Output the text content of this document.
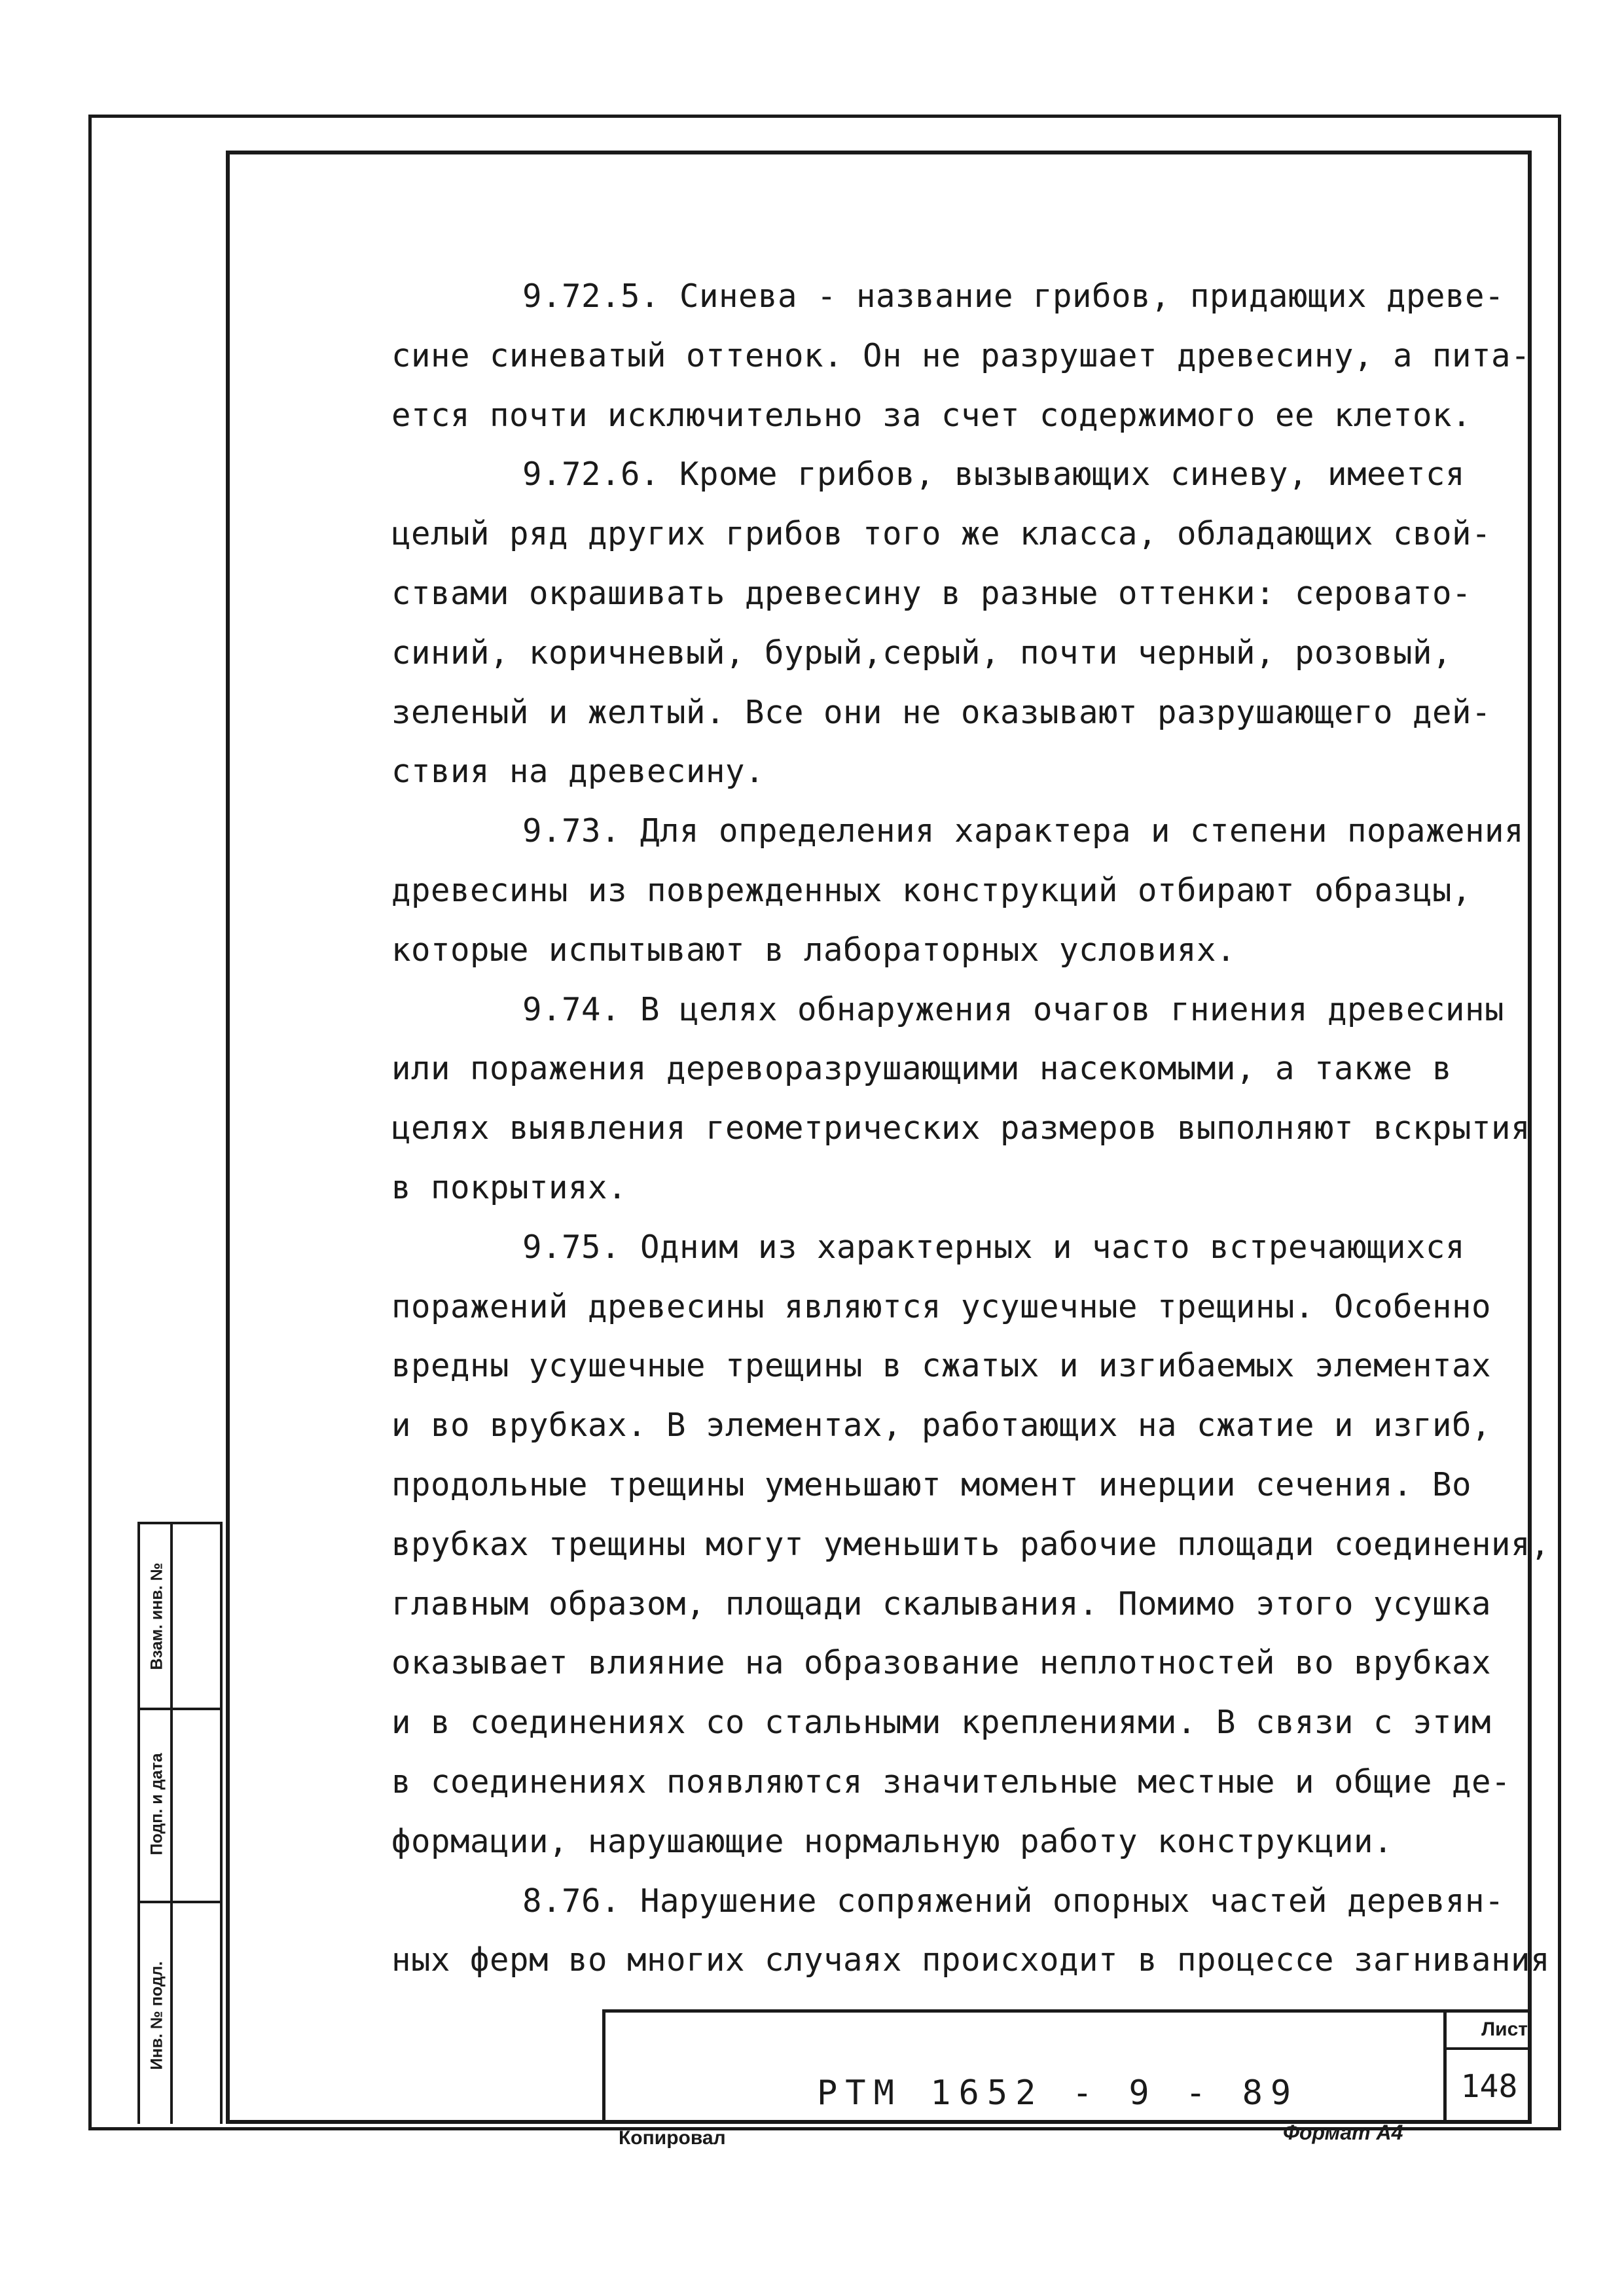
9.72.5. Синева - название грибов, придающих древе-
сине синеватый оттенок. Он не разрушает древесину, а пита-
ется почти исключительно за счет содержимого ее клеток.
9.72.6. Кроме грибов, вызывающих синеву, имеется
целый ряд других грибов того же класса, обладающих свой-
ствами окрашивать древесину в разные оттенки: серовато-
синий, коричневый, бурый,серый, почти черный, розовый,
зеленый и желтый. Все они не оказывают разрушающего дей-
ствия на древесину.
9.73. Для определения характера и степени поражения
древесины из поврежденных конструкций отбирают образцы,
которые испытывают в лабораторных условиях.
9.74. В целях обнаружения очагов гниения древесины
или поражения дереворазрушающими насекомыми, а также в
целях выявления геометрических размеров выполняют вскрытия
в покрытиях.
9.75. Одним из характерных и часто встречающихся
поражений древесины являются усушечные трещины. Особенно
вредны усушечные трещины в сжатых и изгибаемых элементах
и во врубках. В элементах, работающих на сжатие и изгиб,
продольные трещины уменьшают момент инерции сечения. Во
врубках трещины могут уменьшить рабочие площади соединения,
главным образом, площади скалывания. Помимо этого усушка
оказывает влияние на образование неплотностей во врубках
и в соединениях со стальными креплениями. В связи с этим
в соединениях появляются значительные местные и общие де-
формации, нарушающие нормальную работу конструкции.
8.76. Нарушение сопряжений опорных частей деревян-
ных ферм во многих случаях происходит в процессе загнивания
Взам. инв. №
Подп. и дата
Инв. № подл.
РТМ 1652 - 9 - 89
Лист
148
Копировал	Формат А4
